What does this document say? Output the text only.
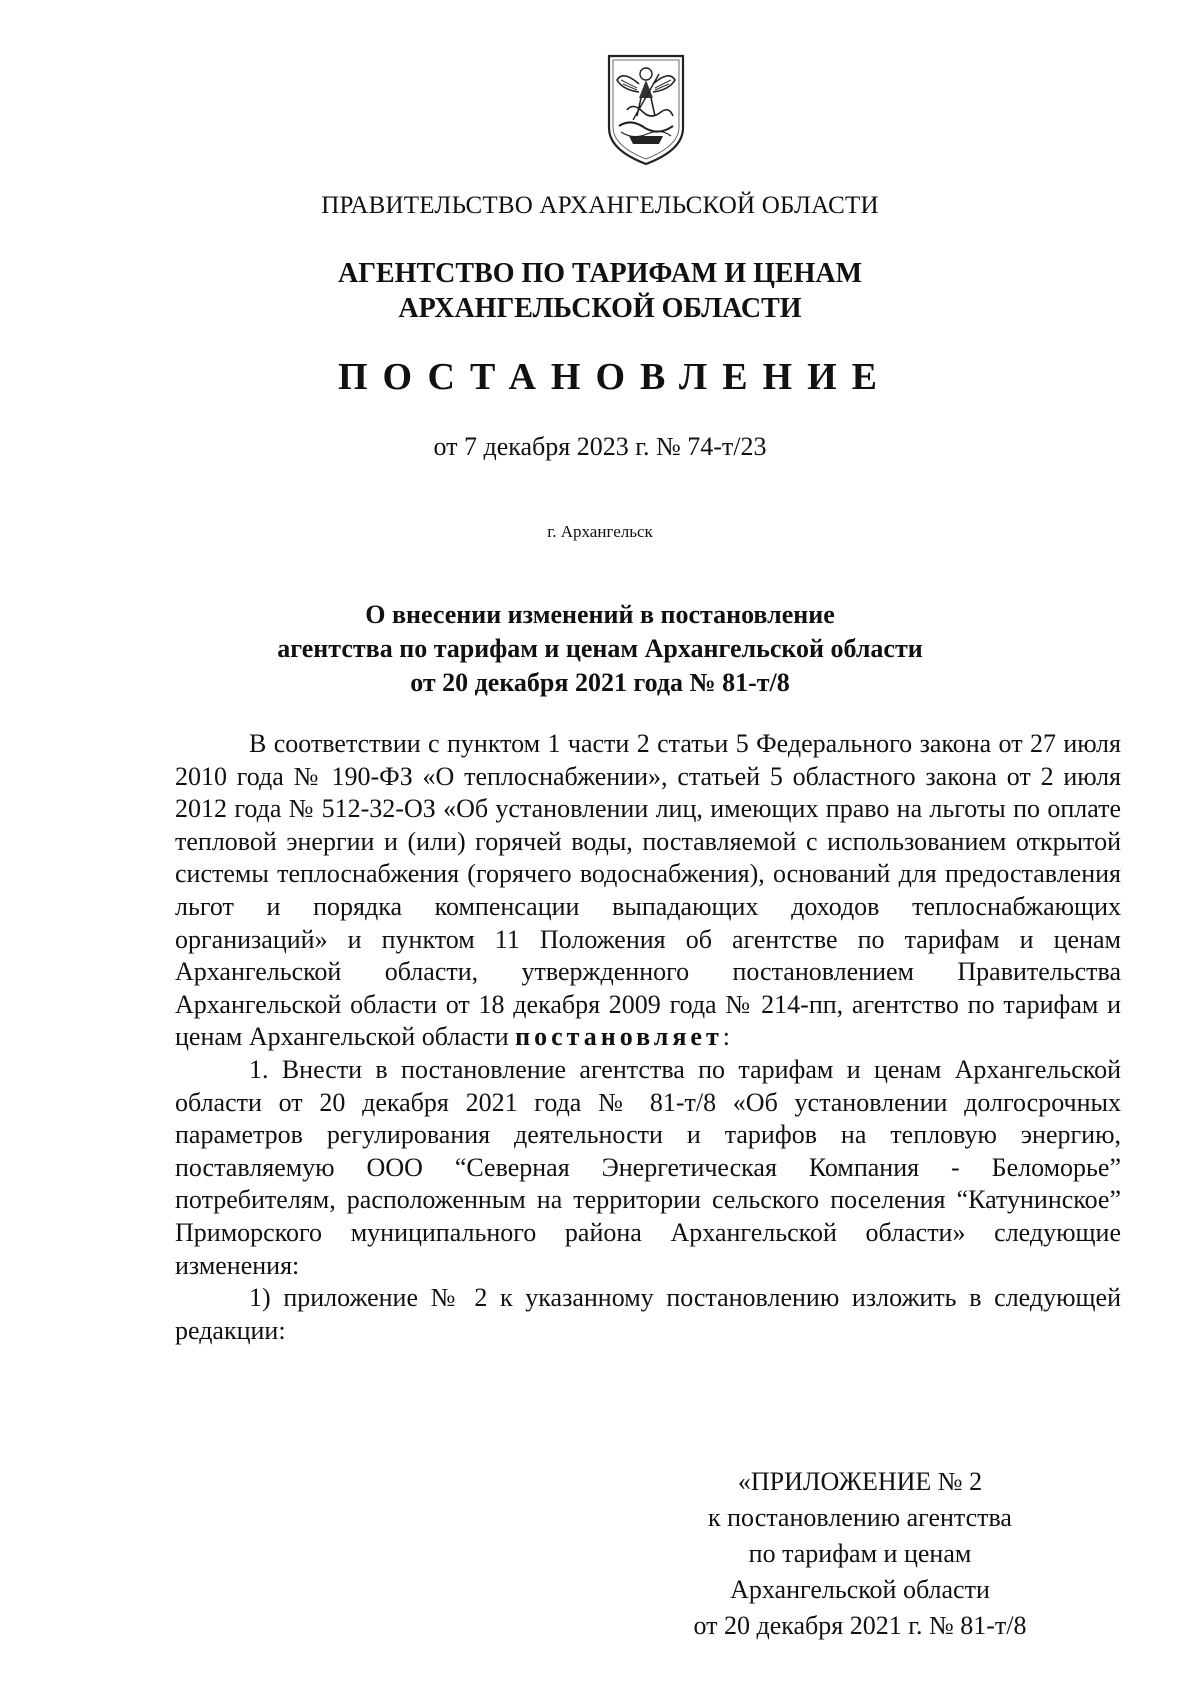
ПРАВИТЕЛЬСТВО АРХАНГЕЛЬСКОЙ ОБЛАСТИ
АГЕНТСТВО ПО ТАРИФАМ И ЦЕНАМ
АРХАНГЕЛЬСКОЙ ОБЛАСТИ
ПОСТАНОВЛЕНИЕ
от 7 декабря 2023 г. № 74-т/23
г. Архангельск
О внесении изменений в постановление
агентства по тарифам и ценам Архангельской области
от 20 декабря 2021 года № 81-т/8

В соответствии с пунктом 1 части 2 статьи 5 Федерального закона от 27 июля 2010 года № 190-ФЗ «О теплоснабжении», статьей 5 областного закона от 2 июля 2012 года № 512-32-ОЗ «Об установлении лиц, имеющих право на льготы по оплате тепловой энергии и (или) горячей воды, поставляемой с использованием открытой системы теплоснабжения (горячего водоснабжения), оснований для предоставления льгот и порядка компенсации выпадающих доходов теплоснабжающих организаций» и пунктом 11 Положения об агентстве по тарифам и ценам Архангельской области, утвержденного постановлением Правительства Архангельской области от 18 декабря 2009 года № 214-пп, агентство по тарифам и ценам Архангельской области постановляет:

1. Внести в постановление агентства по тарифам и ценам Архангельской области от 20 декабря 2021 года № 81-т/8 «Об установлении долгосрочных параметров регулирования деятельности и тарифов на тепловую энергию, поставляемую ООО “Северная Энергетическая Компания - Беломорье” потребителям, расположенным на территории сельского поселения “Катунинское” Приморского муниципального района Архангельской области» следующие изменения:

1) приложение № 2 к указанному постановлению изложить в следующей редакции:

«ПРИЛОЖЕНИЕ № 2
к постановлению агентства
по тарифам и ценам
Архангельской области
от 20 декабря 2021 г. № 81-т/8
